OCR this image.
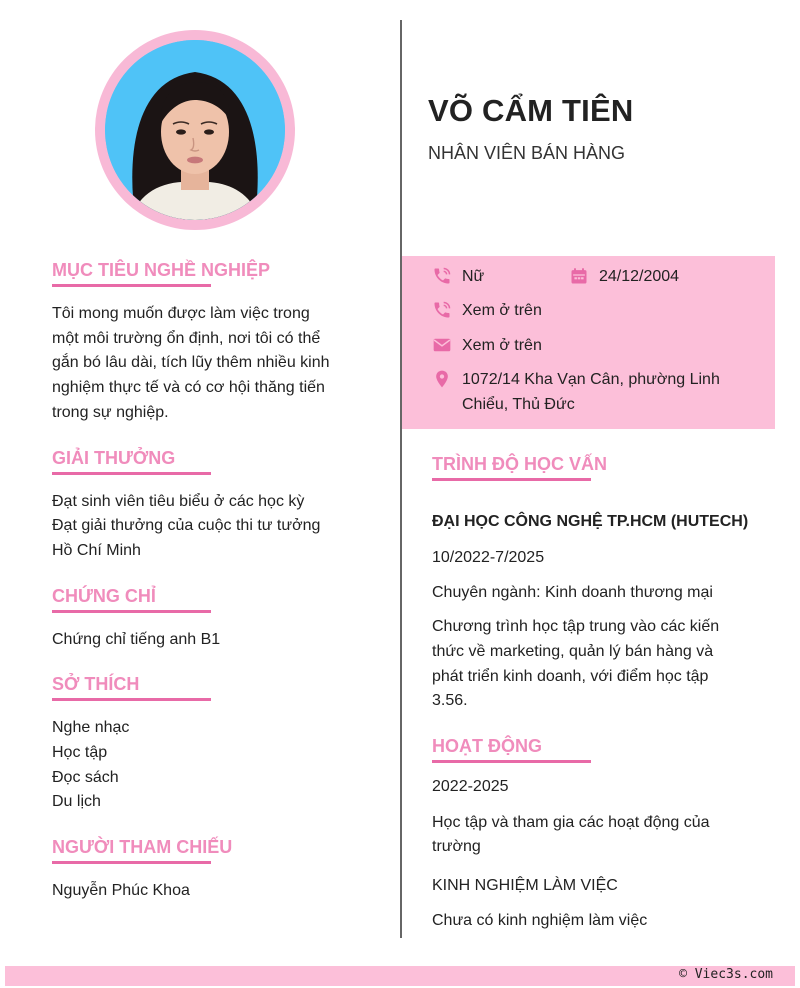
VÕ CẨM TIÊN
NHÂN VIÊN BÁN HÀNG
MỤC TIÊU NGHỀ NGHIỆP
Tôi mong muốn được làm việc trong
một môi trường ổn định, nơi tôi có thể
gắn bó lâu dài, tích lũy thêm nhiều kinh
nghiệm thực tế và có cơ hội thăng tiến
trong sự nghiệp.
GIẢI THƯỞNG
Đạt sinh viên tiêu biểu ở các học kỳ
Đạt giải thưởng của cuộc thi tư tưởng
Hồ Chí Minh
CHỨNG CHỈ
Chứng chỉ tiếng anh B1
SỞ THÍCH
Nghe nhạc
Học tập
Đọc sách
Du lịch
NGƯỜI THAM CHIẾU
Nguyễn Phúc Khoa
Nữ	24/12/2004
Xem ở trên
Xem ở trên
1072/14 Kha Vạn Cân, phường Linh
Chiểu, Thủ Đức
TRÌNH ĐỘ HỌC VẤN
ĐẠI HỌC CÔNG NGHỆ TP.HCM (HUTECH)
10/2022-7/2025
Chuyên ngành: Kinh doanh thương mại
Chương trình học tập trung vào các kiến
thức về marketing, quản lý bán hàng và
phát triển kinh doanh, với điểm học tập
3.56.
HOẠT ĐỘNG
2022-2025
Học tập và tham gia các hoạt động của
trường
KINH NGHIỆM LÀM VIỆC
Chưa có kinh nghiệm làm việc
© Viec3s.com
